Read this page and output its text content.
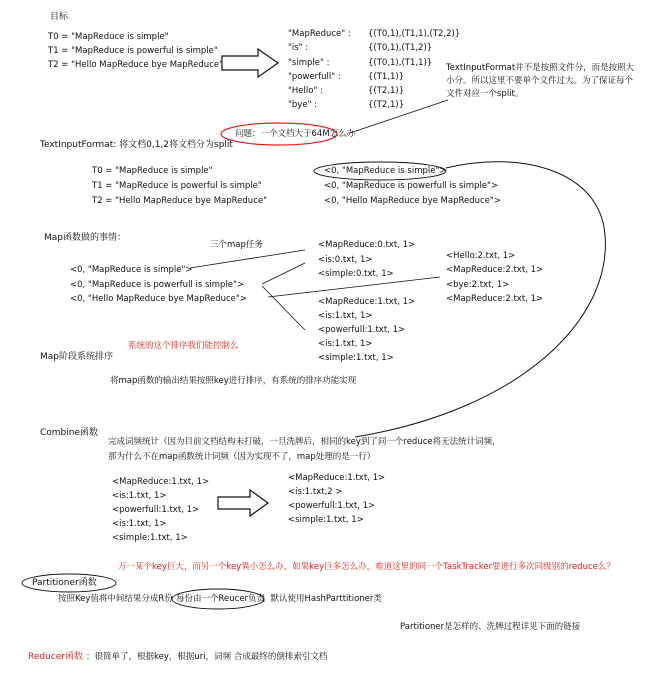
目标
T0 = "MapReduce is simple"
T1 = "MapReduce is powerful is simple"
T2 = "Hello MapReduce bye MapReduce"
"MapReduce" : {(T0,1),(T1,1),(T2,2)}
"is" :	{(T0,1),(T1,2)}
"simple" :	{(T0,1),(T1,1)}
"powerfull" :	{(T1,1)}
"Hello" :	{(T2,1)}
"bye" :	{(T2,1)}
TextInputFormat并不是按照文件分，而是按照大小分。所以这里不要单个文件过大。为了保证每个文件对应一个split。
问题：一个文档大于64M怎么办
TextInputFormat: 将文档0,1,2将文档分为split
T0 = "MapReduce is simple"
T1 = "MapReduce is powerful is simple"
T2 = "Hello MapReduce bye MapReduce"
<0, "MapReduce is simple">
<0, "MapReduce is powerfull is simple">
<0, "Hello MapReduce bye MapReduce">
Map函数做的事情：
三个map任务
<0, "MapReduce is simple">
<0, "MapReduce is powerfull is simple">
<0, "Hello MapReduce bye MapReduce">
<MapReduce:0.txt, 1>
<is:0.txt, 1>
<simple:0.txt, 1>
<MapReduce:1.txt, 1>
<is:1.txt, 1>
<powerfull:1.txt, 1>
<is:1.txt, 1>
<simple:1.txt, 1>
<Hello:2.txt, 1>
<MapReduce:2.txt, 1>
<bye:2.txt, 1>
<MapReduce:2.txt, 1>
系统的这个排序我们能控制么
Map阶段系统排序
将map函数的输出结果按照key进行排序，有系统的排序功能实现
Combine函数
完成词频统计（因为目前文档结构未打破，一旦洗牌后，相同的key到了同一个reduce将无法统计词频，
那为什么不在map函数统计词频（因为实现不了，map处理的是一行）
<MapReduce:1.txt, 1>
<is:1.txt, 1>
<powerfull:1.txt, 1>
<is:1.txt, 1>
<simple:1.txt, 1>
<MapReduce:1.txt, 1>
<is:1.txt,2 >
<powerfull:1.txt, 1>
<simple:1.txt, 1>
万一某个key巨大，而另一个key異小怎么办，如果key巨多怎么办，难道这里的同一个TaskTracker要进行多次同级别的reduce么？
Partitioner函数
按照Key值将中间结果分成R份 每份由一个Reucer负责
。默认使用HashParttitioner类
Partitioner是怎样的、洗牌过程详见下面的链接
Reducer函数 ：很简单了，根据key，根据uri，词频 合成最终的倒排索引文档
